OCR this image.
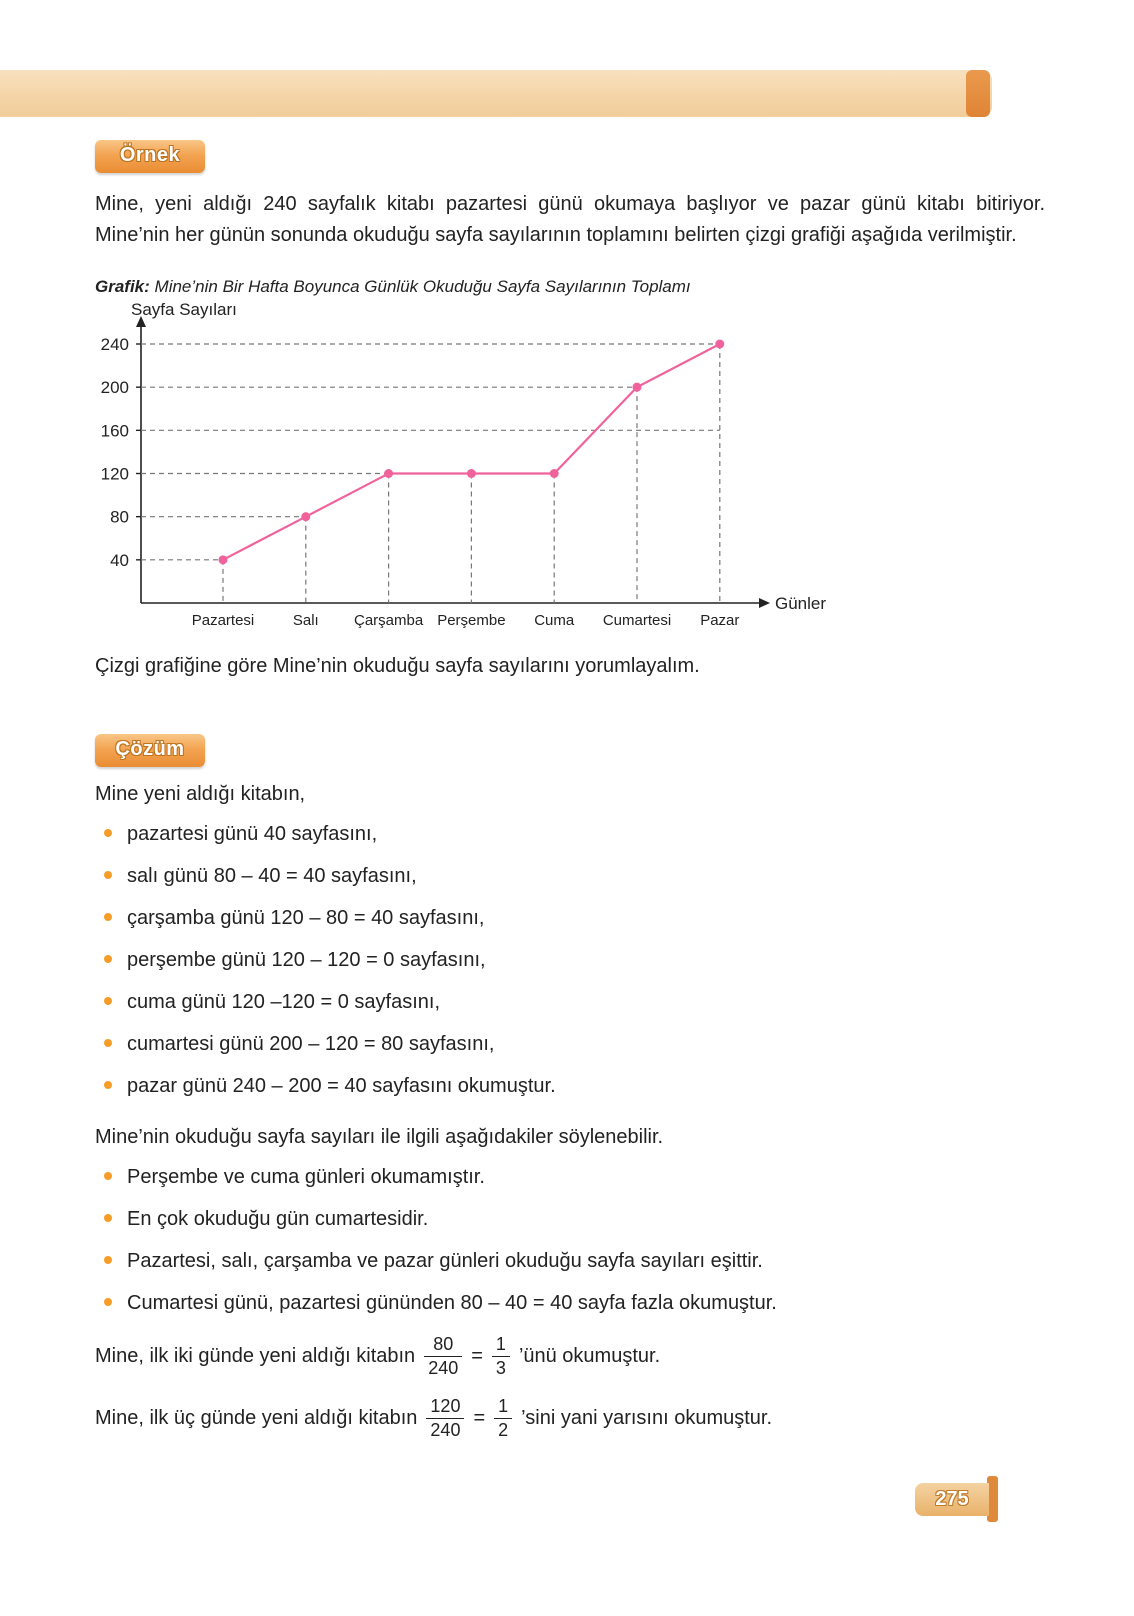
Örnek

Mine, yeni aldığı 240 sayfalık kitabı pazartesi günü okumaya başlıyor ve pazar günü kitabı bitiriyor. Mine’nin her günün sonunda okuduğu sayfa sayılarının toplamını belirten çizgi grafiği aşağıda verilmiştir.

Grafik: Mine’nin Bir Hafta Boyunca Günlük Okuduğu Sayfa Sayılarının Toplamı

Sayfa Sayıları
Günler
40
80
120
160
200
240
Pazartesi	Salı Çarşamba Perşembe Cuma Cumartesi Pazar

Çizgi grafiğine göre Mine’nin okuduğu sayfa sayılarını yorumlayalım.

Çözüm

Mine yeni aldığı kitabın,

pazartesi günü 40 sayfasını,
salı günü 80 – 40 = 40 sayfasını,
çarşamba günü 120 – 80 = 40 sayfasını,
perşembe günü 120 – 120 = 0 sayfasını,
cuma günü 120 –120 = 0 sayfasını,
cumartesi günü 200 – 120 = 80 sayfasını,
pazar günü 240 – 200 = 40 sayfasını okumuştur.

Mine’nin okuduğu sayfa sayıları ile ilgili aşağıdakiler söylenebilir.

Perşembe ve cuma günleri okumamıştır.
En çok okuduğu gün cumartesidir.
Pazartesi, salı, çarşamba ve pazar günleri okuduğu sayfa sayıları eşittir.
Cumartesi günü, pazartesi gününden 80 – 40 = 40 sayfa fazla okumuştur.

Mine, ilk iki günde yeni aldığı kitabın $\frac{80}{240} = \frac{1}{3}$ ’ünü okumuştur.

Mine, ilk üç günde yeni aldığı kitabın $\frac{120}{240} = \frac{1}{2}$ ’sini yani yarısını okumuştur.

275
